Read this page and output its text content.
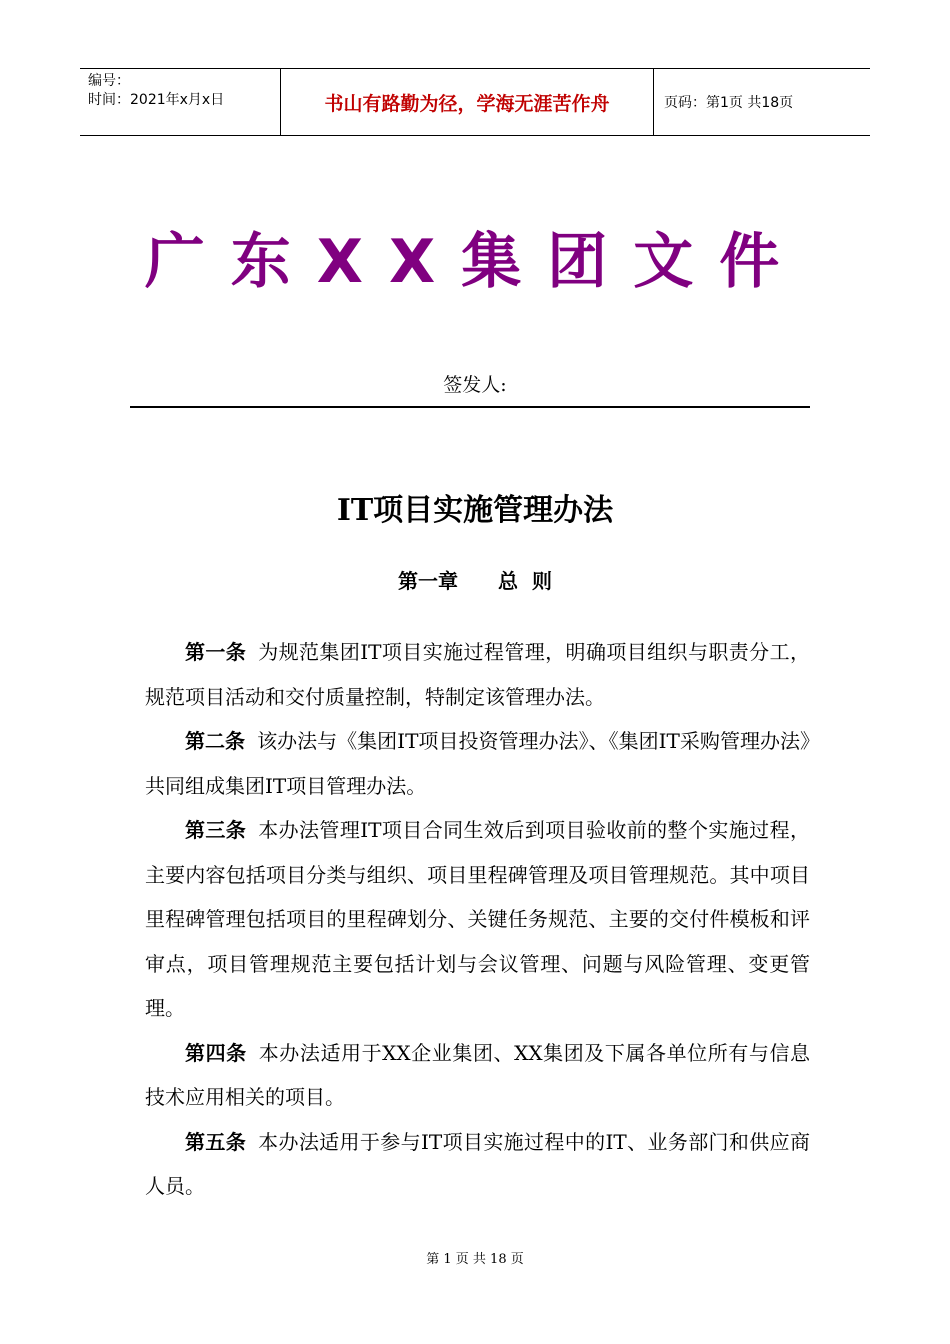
编号：
时间：2021年x月x日	书山有路勤为径，学海无涯苦作舟	页码：第1页 共18页
广东XX集团文件
签发人:
IT项目实施管理办法
第一章 总  则

第一条 为规范集团IT项目实施过程管理，明确项目组织与职责分工，规范项目活动和交付质量控制，特制定该管理办法。

第二条 该办法与《集团IT项目投资管理办法》、《集团IT采购管理办法》共同组成集团IT项目管理办法。

第三条 本办法管理IT项目合同生效后到项目验收前的整个实施过程，主要内容包括项目分类与组织、项目里程碑管理及项目管理规范。其中项目里程碑管理包括项目的里程碑划分、关键任务规范、主要的交付件模板和评审点，项目管理规范主要包括计划与会议管理、问题与风险管理、变更管理。

第四条 本办法适用于XX企业集团、XX集团及下属各单位所有与信息技术应用相关的项目。

第五条 本办法适用于参与IT项目实施过程中的IT、业务部门和供应商人员。

第 1 页 共 18 页
